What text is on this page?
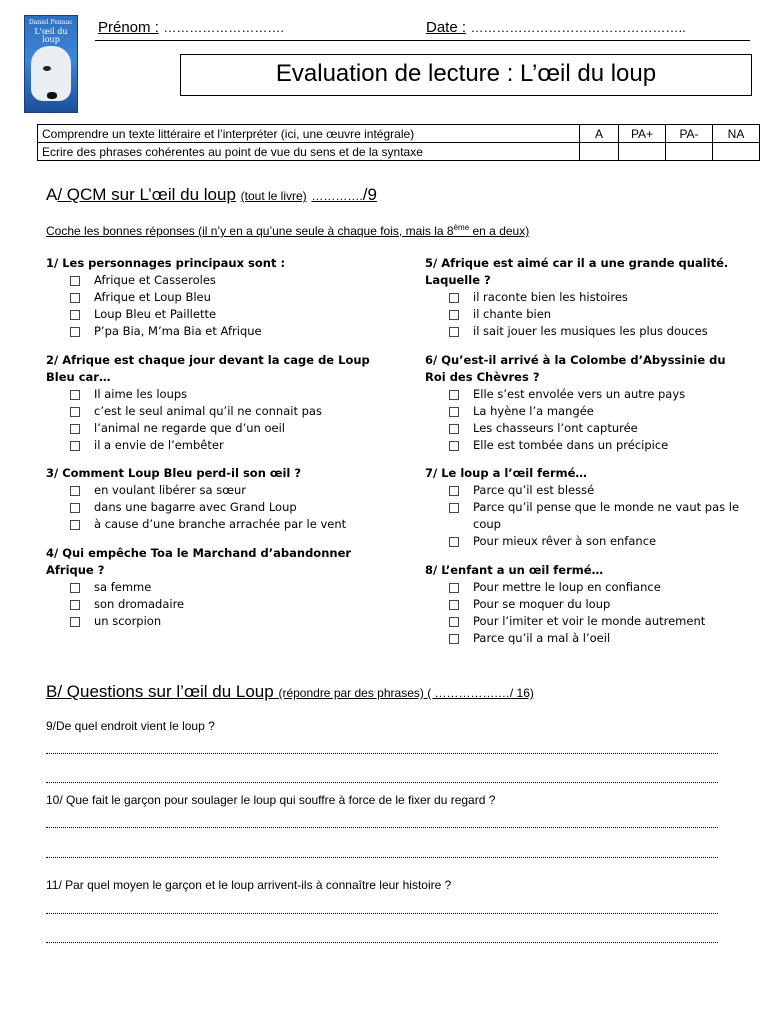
Daniel Pennac
L'œil du loup
Prénom : ……………………….	Date : …………………………………………..
Evaluation de lecture : L’œil du loup
Comprendre un texte littéraire et l’interpréter (ici, une œuvre intégrale)	A	PA+	PA-	NA
Ecrire des phrases cohérentes au point de vue du sens et de la syntaxe				
A/ QCM sur L’œil du loup (tout le livre) …………./9
Coche les bonnes réponses (il n’y en a qu’une seule à chaque fois, mais la 8ème en a deux)
1/ Les personnages principaux sont :
Afrique et Casseroles
Afrique et Loup Bleu
Loup Bleu et Paillette
P’pa Bia, M’ma Bia et Afrique
2/ Afrique est chaque jour devant la cage de Loup Bleu car…
Il aime les loups
c’est le seul animal qu’il ne connait pas
l’animal ne regarde que d’un oeil
il a envie de l’embêter
3/ Comment Loup Bleu perd-il son œil ?
en voulant libérer sa sœur
dans une bagarre avec Grand Loup
à cause d’une branche arrachée par le vent
4/ Qui empêche Toa le Marchand d’abandonner Afrique ?
sa femme
son dromadaire
un scorpion
5/ Afrique est aimé car il a une grande qualité. Laquelle ?
il raconte bien les histoires
il chante bien
il sait jouer les musiques les plus douces
6/ Qu’est-il arrivé à la Colombe d’Abyssinie du Roi des Chèvres ?
Elle s’est envolée vers un autre pays
La hyène l’a mangée
Les chasseurs l’ont capturée
Elle est tombée dans un précipice
7/ Le loup a l’œil fermé…
Parce qu’il est blessé
Parce qu’il pense que le monde ne vaut pas le coup
Pour mieux rêver à son enfance
8/ L’enfant a un œil fermé…
Pour mettre le loup en confiance
Pour se moquer du loup
Pour l’imiter et voir le monde autrement
Parce qu’il a mal à l’oeil
B/ Questions sur l’œil du Loup (répondre par des phrases) ( …………….…/ 16)
9/De quel endroit vient le loup ?
10/ Que fait le garçon pour soulager le loup qui souffre à force de le fixer du regard ?
11/ Par quel moyen le garçon et le loup arrivent-ils à connaître leur histoire ?
